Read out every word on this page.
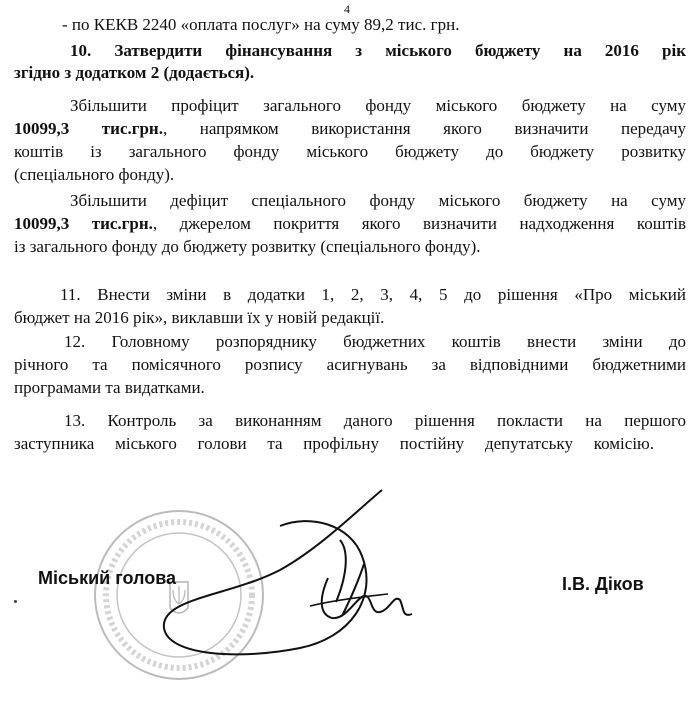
4
- по КЕКВ 2240 «оплата послуг» на суму 89,2 тис. грн.
10. Затвердити фінансування з міського бюджету на 2016 рік
згідно з додатком 2 (додається).
Збільшити профіцит загального фонду міського бюджету на суму
10099,3 тис.грн., напрямком використання якого визначити передачу
коштів із загального фонду міського бюджету до бюджету розвитку
(спеціального фонду).
Збільшити дефіцит спеціального фонду міського бюджету на суму
10099,3 тис.грн., джерелом покриття якого визначити надходження коштів
із загального фонду до бюджету розвитку (спеціального фонду).
11. Внести зміни в додатки 1, 2, 3, 4, 5 до рішення «Про міський
бюджет на 2016 рік», виклавши їх у новій редакції.
12. Головному розпоряднику бюджетних коштів внести зміни до
річного та помісячного розпису асигнувань за відповідними бюджетними
програмами та видатками.
13. Контроль за виконанням даного рішення покласти на першого
заступника міського голови та профільну постійну депутатську комісію.
Міський голова	І.В. Діков
